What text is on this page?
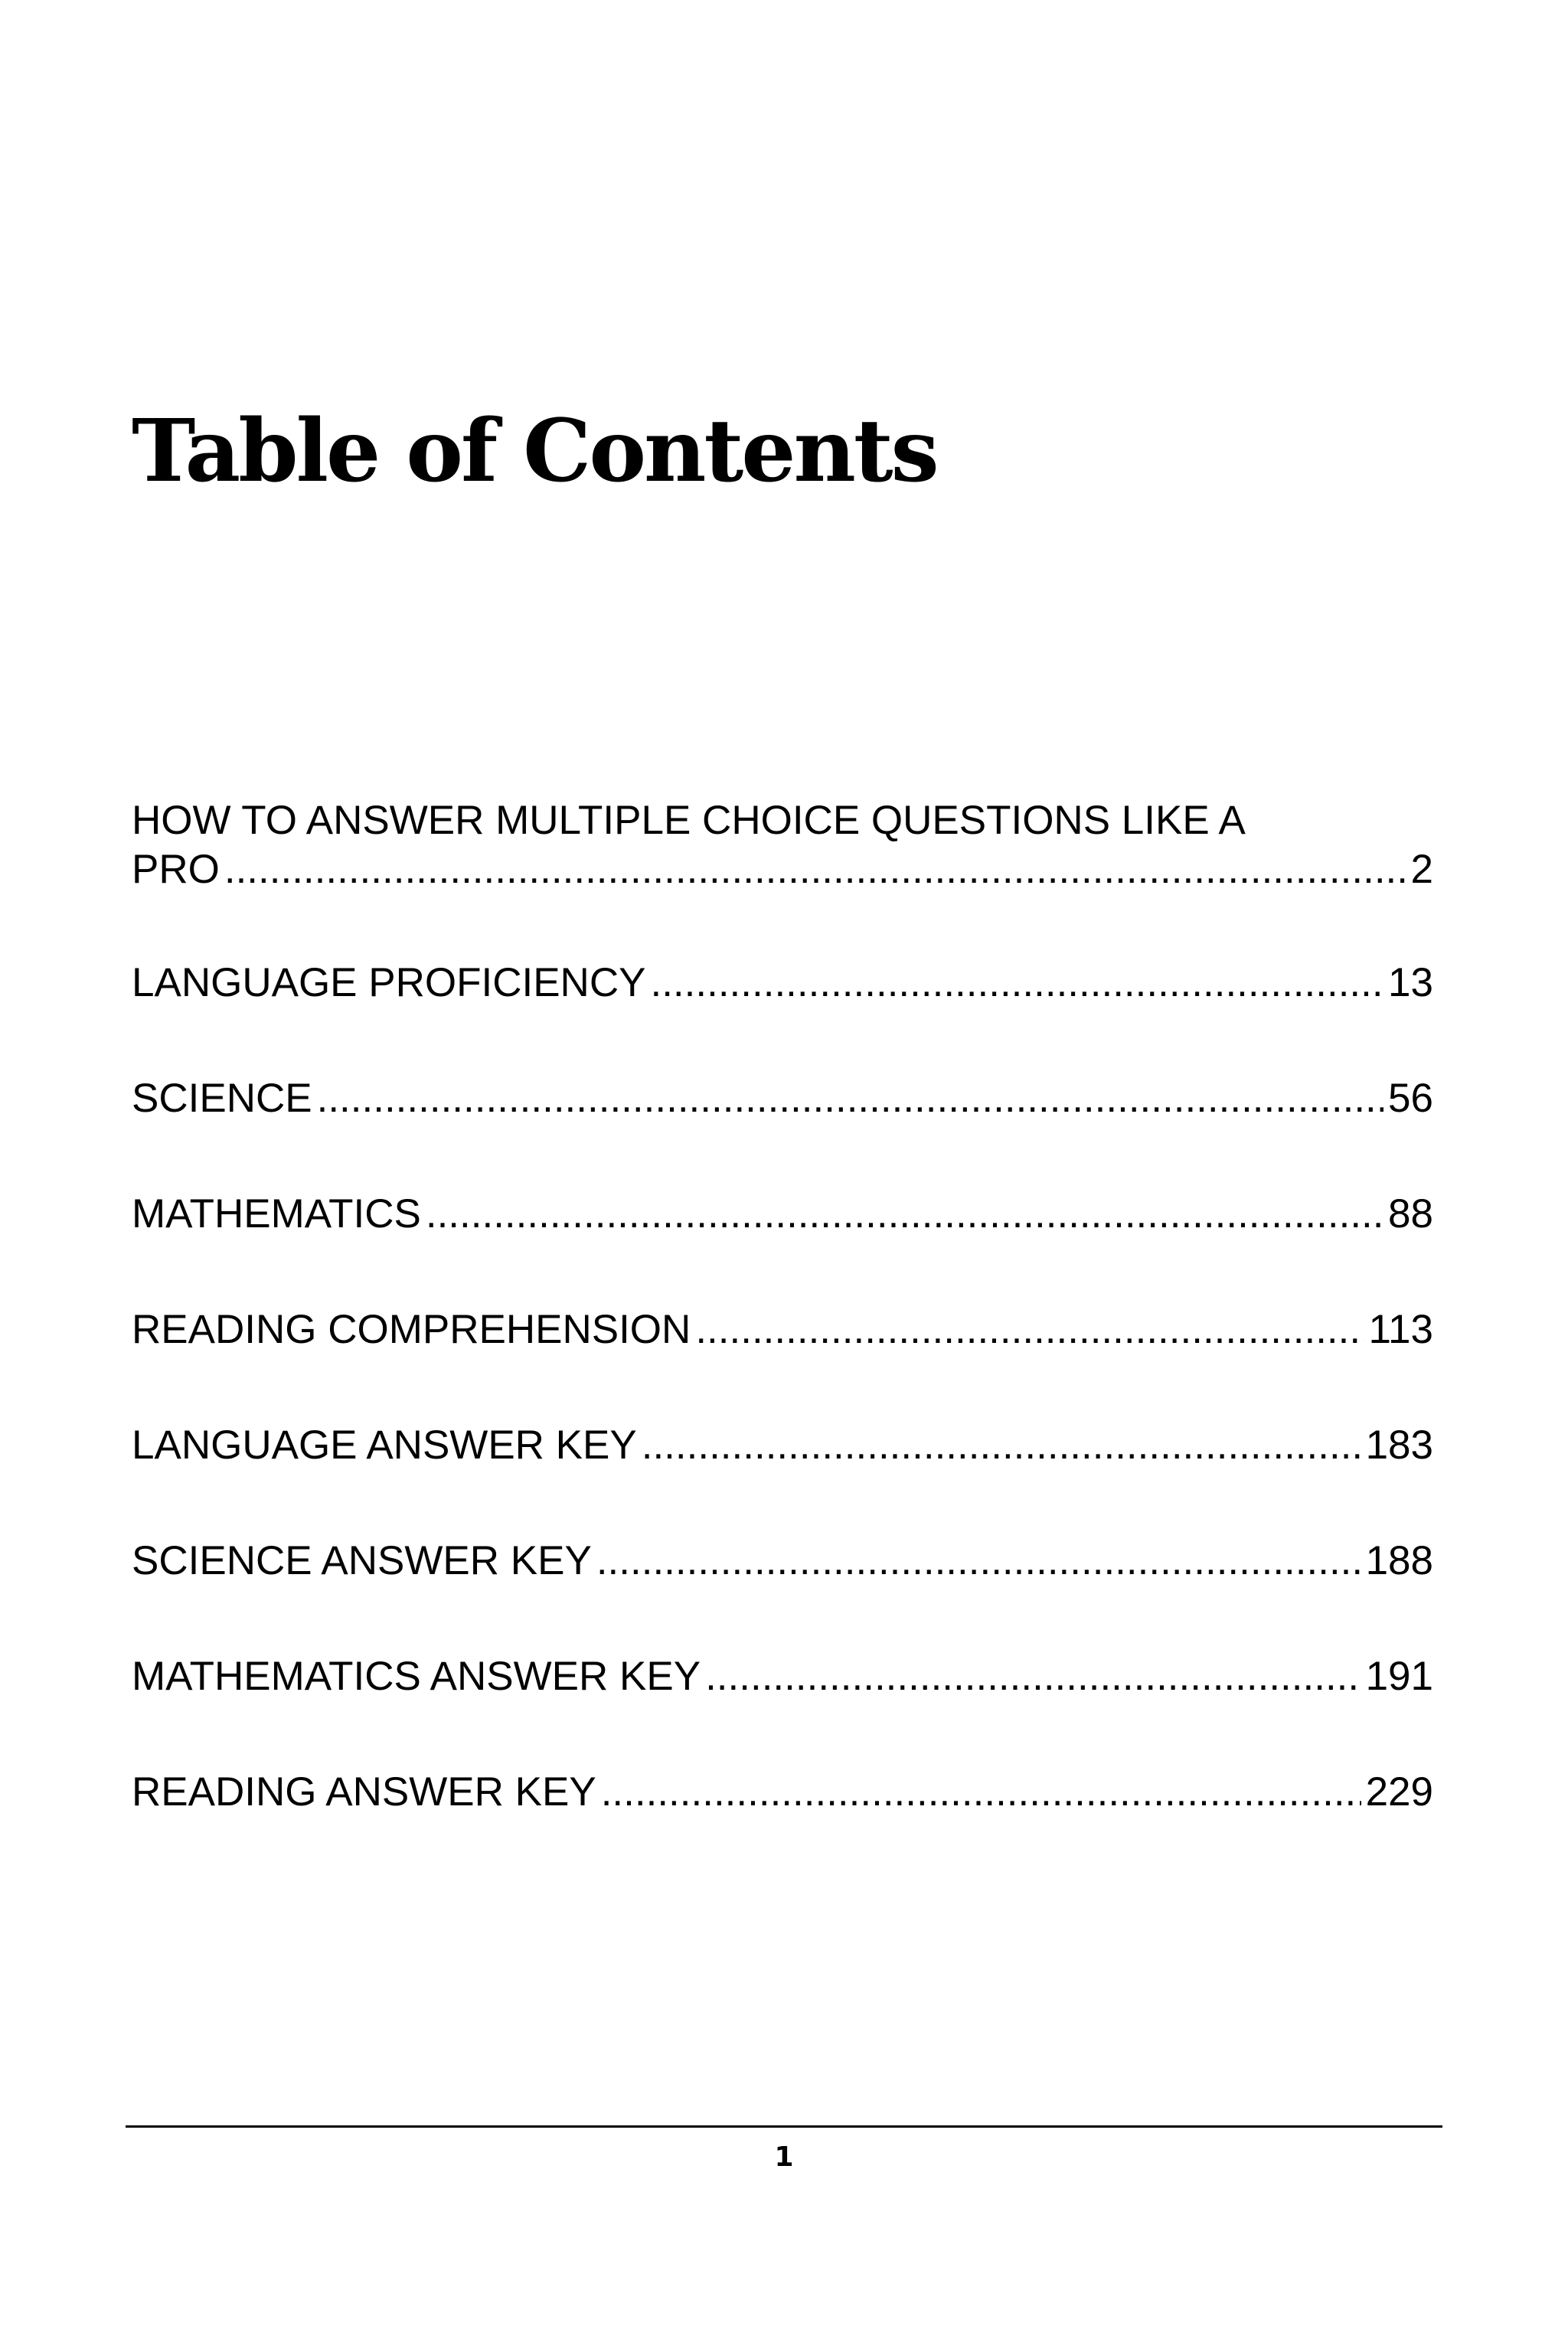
Table of Contents
HOW TO ANSWER MULTIPLE CHOICE QUESTIONS LIKE A
PRO .....	2
LANGUAGE PROFICIENCY .....	13
SCIENCE .....	56
MATHEMATICS .....	88
READING COMPREHENSION .....	113
LANGUAGE ANSWER KEY .....	183
SCIENCE ANSWER KEY .....	188
MATHEMATICS ANSWER KEY .....	191
READING ANSWER KEY .....	229
1
